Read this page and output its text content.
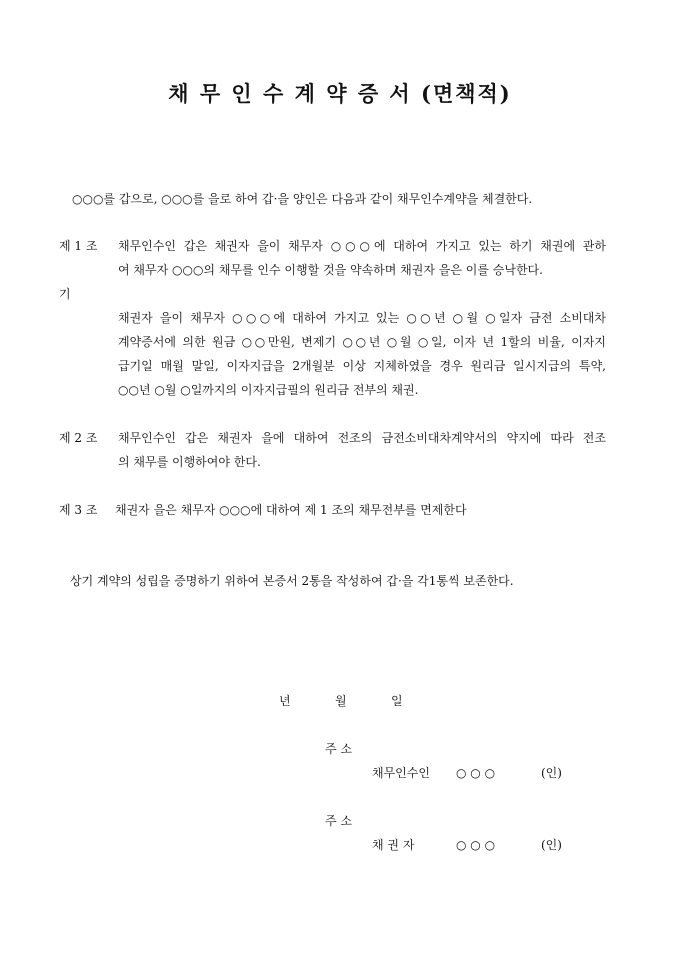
채 무 인 수 계 약 증 서 (면책적)
○○○를 갑으로, ○○○를 을로 하여 갑·을 양인은 다음과 같이 채무인수계약을 체결한다.
제 1 조 채무인수인 갑은 채권자 을이 채무자 ○○○에 대하여 가지고 있는 하기 채권에 관하
여 채무자 ○○○의 채무를 인수 이행할 것을 약속하며 채권자 을은 이를 승낙한다.
기
채권자 을이 채무자 ○○○에 대하여 가지고 있는 ○○년 ○월 ○일자 금전 소비대차
계약증서에 의한 원금 ○○만원, 변제기 ○○년 ○월 ○일, 이자 년 1할의 비율, 이자지
급기일 매월 말일, 이자지급을 2개월분 이상 지체하였을 경우 원리금 일시지급의 특약,
○○년 ○월 ○일까지의 이자지급필의 원리금 전부의 채권.
제 2 조 채무인수인 갑은 채권자 을에 대하여 전조의 금전소비대차계약서의 약지에 따라 전조
의 채무를 이행하여야 한다.
제 3 조 채권자 을은 채무자 ○○○에 대하여 제 1 조의 채무전부를 면제한다
상기 계약의 성립을 증명하기 위하여 본증서 2통을 작성하여 갑·을 각1통씩 보존한다.
년	월	일
주 소
채무인수인 ○ ○ ○	(인)
주 소
채 권 자	○ ○ ○	(인)
